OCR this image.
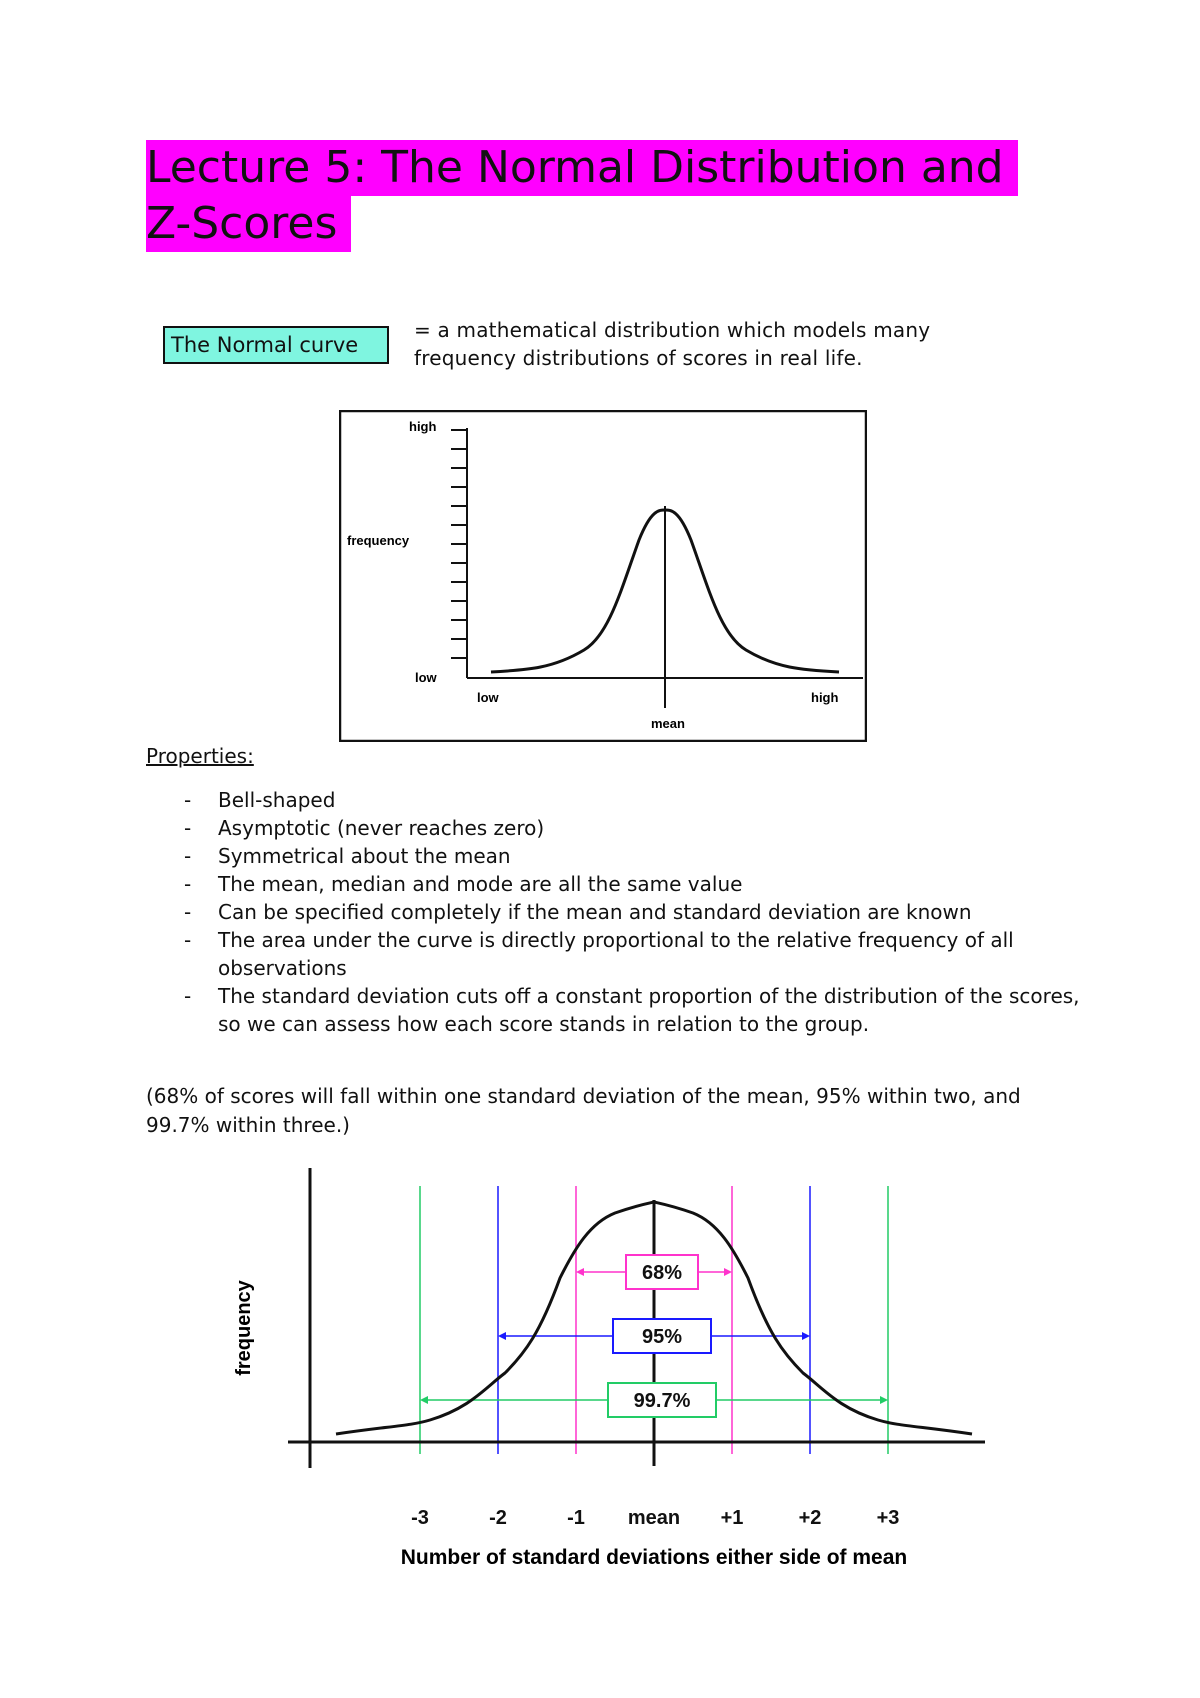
Lecture 5: The Normal Distribution and
Z-Scores
The Normal curve
= a mathematical distribution which models many frequency distributions of scores in real life.
high
frequency
low
low	high
mean
Properties:
- Bell-shaped
- Asymptotic (never reaches zero)
- Symmetrical about the mean
- The mean, median and mode are all the same value
- Can be specified completely if the mean and standard deviation are known
- The area under the curve is directly proportional to the relative frequency of all observations
- The standard deviation cuts off a constant proportion of the distribution of the scores, so we can assess how each score stands in relation to the group.
(68% of scores will fall within one standard deviation of the mean, 95% within two, and 99.7% within three.)
68%
95%
99.7%
-3	-2	-1 mean +1	+2	+3
frequency
Number of standard deviations either side of mean
